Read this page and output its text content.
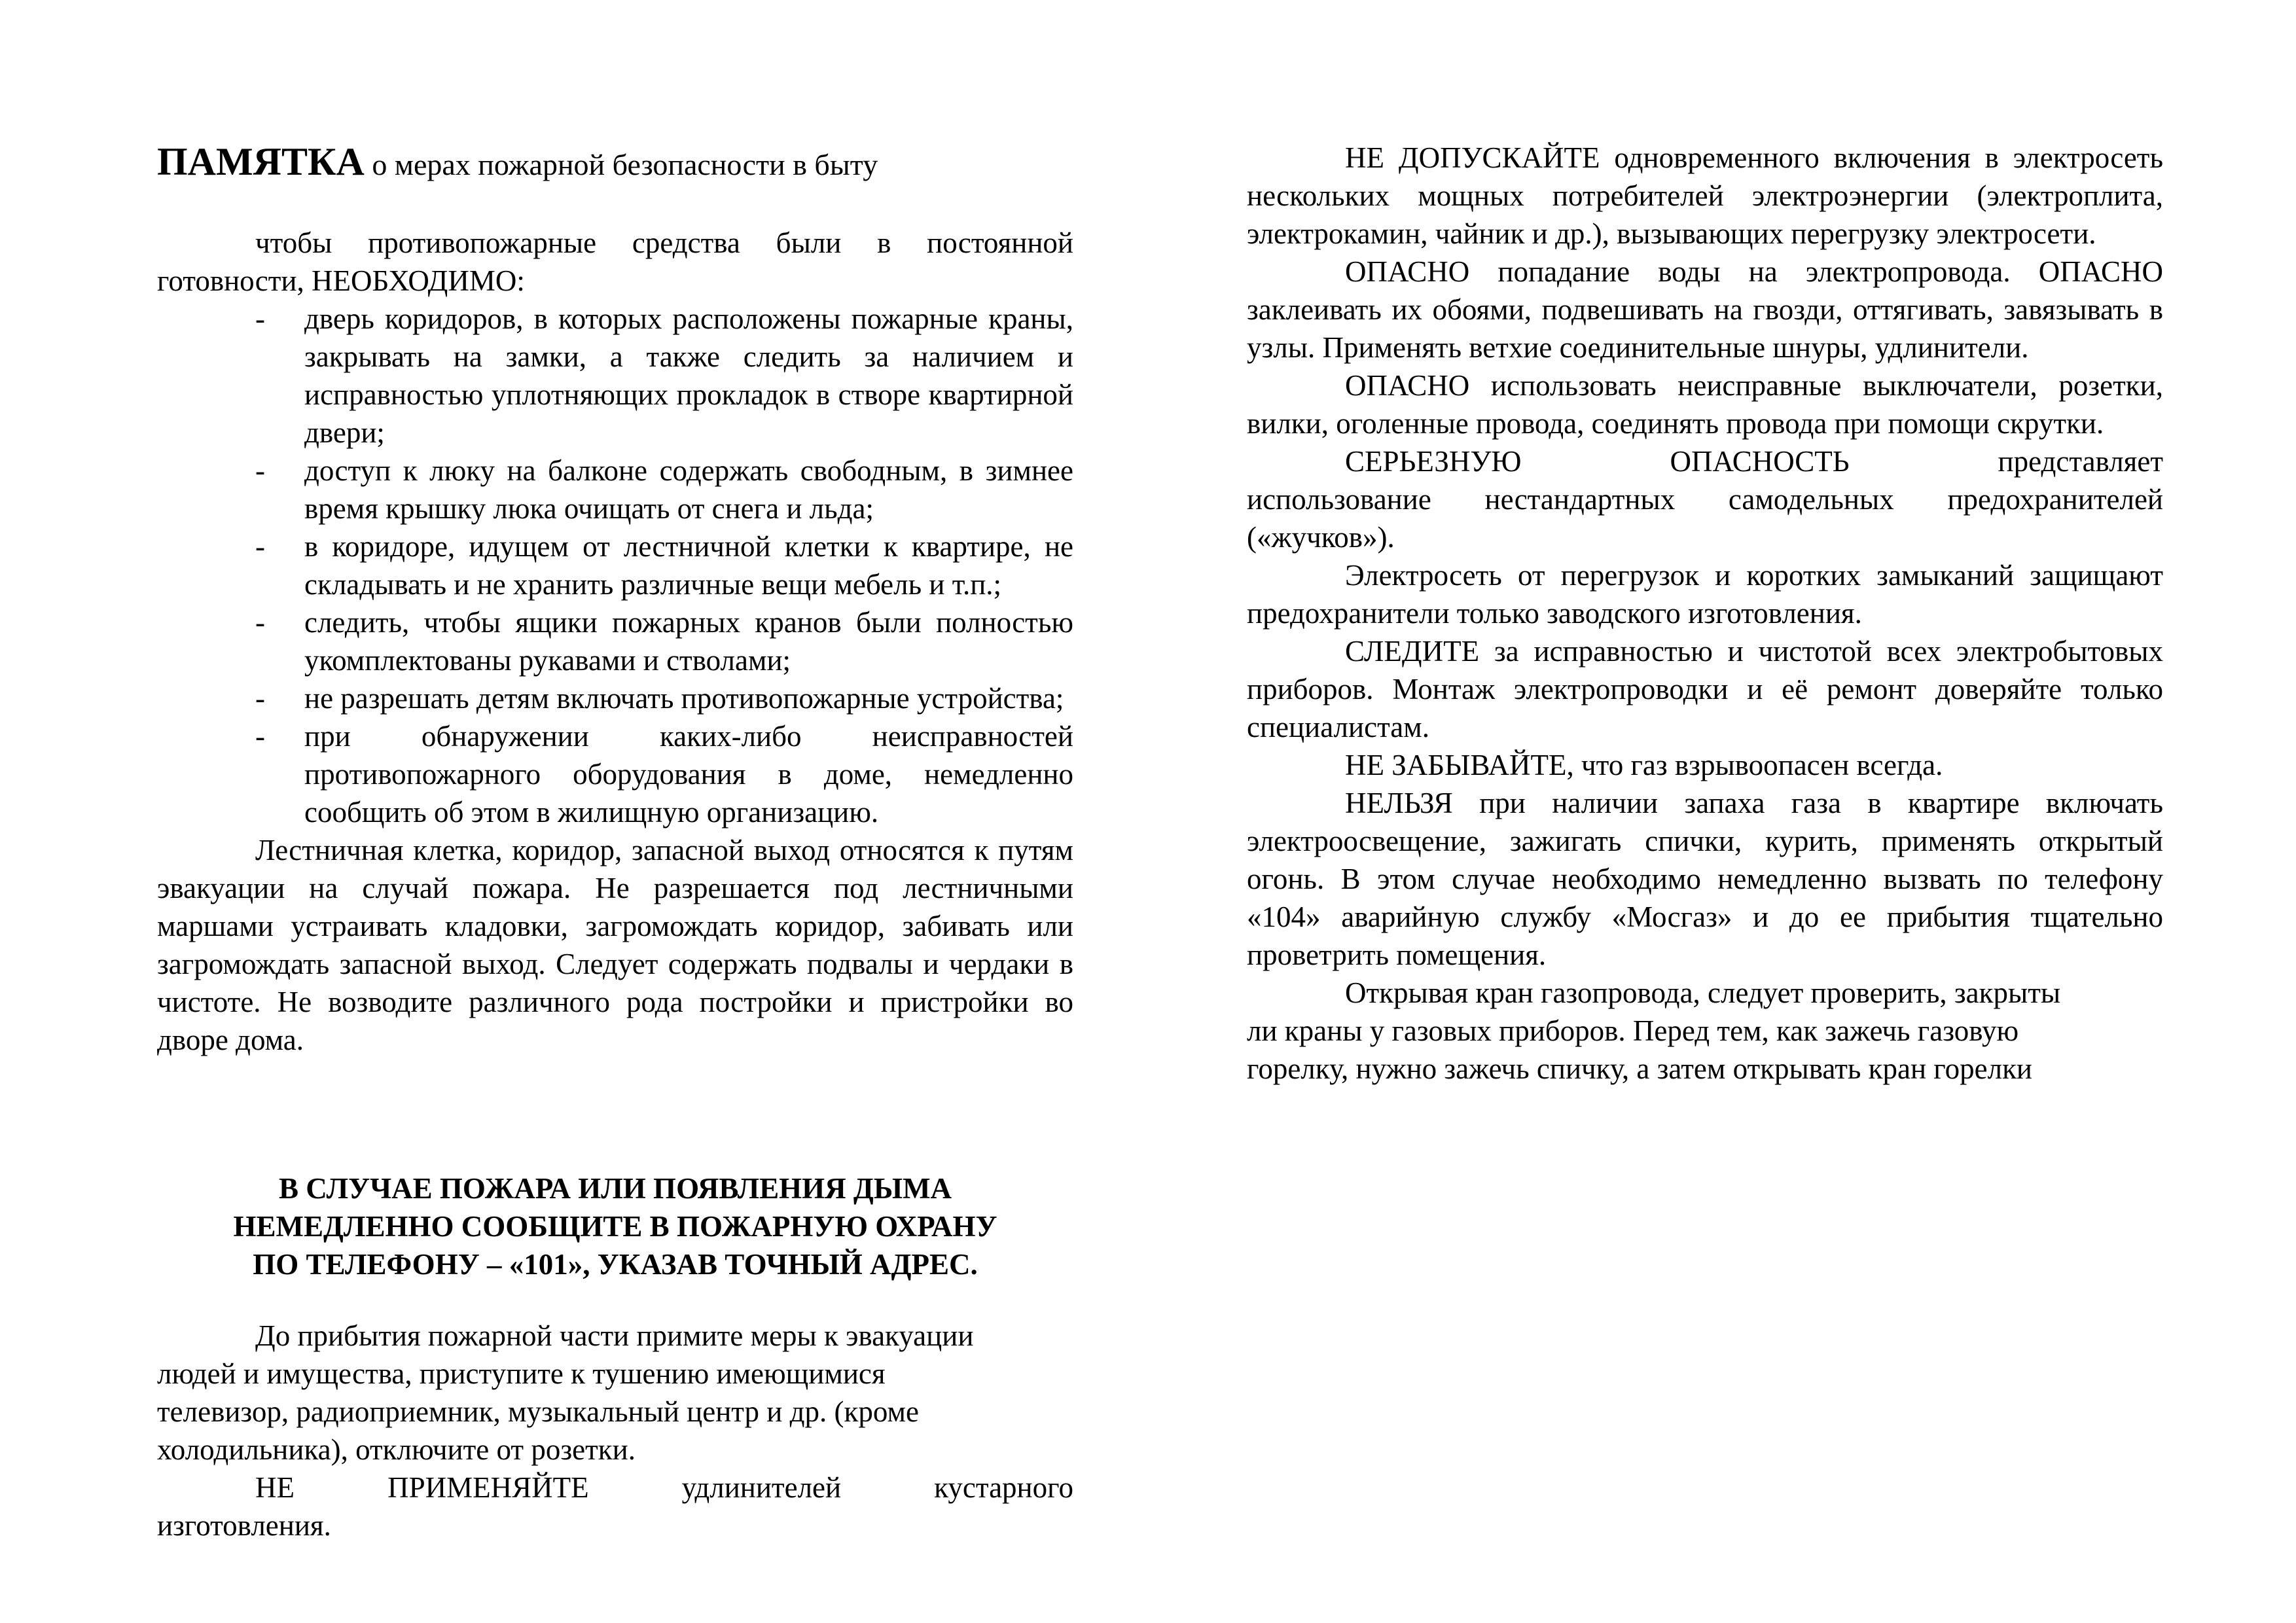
ПАМЯТКА о мерах пожарной безопасности в быту

чтобы противопожарные средства были в постоянной готовности, НЕОБХОДИМО:

- дверь коридоров, в которых расположены пожарные краны, закрывать на замки, а также следить за наличием и исправностью уплотняющих прокладок в створе квартирной двери;
- доступ к люку на балконе содержать свободным, в зимнее время крышку люка очищать от снега и льда;
- в коридоре, идущем от лестничной клетки к квартире, не складывать и не хранить различные вещи мебель и т.п.;
- следить, чтобы ящики пожарных кранов были полностью укомплектованы рукавами и стволами;
- не разрешать детям включать противопожарные устройства;
- при обнаружении каких-либо неисправностей противопожарного оборудования в доме, немедленно сообщить об этом в жилищную организацию.

Лестничная клетка, коридор, запасной выход относятся к путям эвакуации на случай пожара. Не разрешается под лестничными маршами устраивать кладовки, загромождать коридор, забивать или загромождать запасной выход. Следует содержать подвалы и чердаки в чистоте. Не возводите различного рода постройки и пристройки во дворе дома.

В СЛУЧАЕ ПОЖАРА ИЛИ ПОЯВЛЕНИЯ ДЫМА
НЕМЕДЛЕННО СООБЩИТЕ В ПОЖАРНУЮ ОХРАНУ
ПО ТЕЛЕФОНУ – «101», УКАЗАВ ТОЧНЫЙ АДРЕС.

До прибытия пожарной части примите меры к эвакуации
людей и имущества, приступите к тушению имеющимися

телевизор, радиоприемник, музыкальный центр и др. (кроме
холодильника), отключите от розетки.

НЕ	ПРИМЕНЯЙТЕ	удлинителей	кустарного

изготовления.

НЕ ДОПУСКАЙТЕ одновременного включения в электросеть нескольких мощных потребителей электроэнергии (электроплита, электрокамин, чайник и др.), вызывающих перегрузку электросети.

ОПАСНО попадание воды на электропровода. ОПАСНО заклеивать их обоями, подвешивать на гвозди, оттягивать, завязывать в узлы. Применять ветхие соединительные шнуры, удлинители.

ОПАСНО использовать неисправные выключатели, розетки, вилки, оголенные провода, соединять провода при помощи скрутки.

СЕРЬЕЗНУЮ	ОПАСНОСТЬ	представляет

использование нестандартных самодельных предохранителей («жучков»).

Электросеть от перегрузок и коротких замыканий защищают предохранители только заводского изготовления.

СЛЕДИТЕ за исправностью и чистотой всех электробытовых приборов. Монтаж электропроводки и её ремонт доверяйте только специалистам.

НЕ ЗАБЫВАЙТЕ, что газ взрывоопасен всегда.

НЕЛЬЗЯ при наличии запаха газа в квартире включать электроосвещение, зажигать спички, курить, применять открытый огонь. В этом случае необходимо немедленно вызвать по телефону «104» аварийную службу «Мосгаз» и до ее прибытия тщательно проветрить помещения.

Открывая кран газопровода, следует проверить, закрыты
ли краны у газовых приборов. Перед тем, как зажечь газовую
горелку, нужно зажечь спичку, а затем открывать кран горелки
